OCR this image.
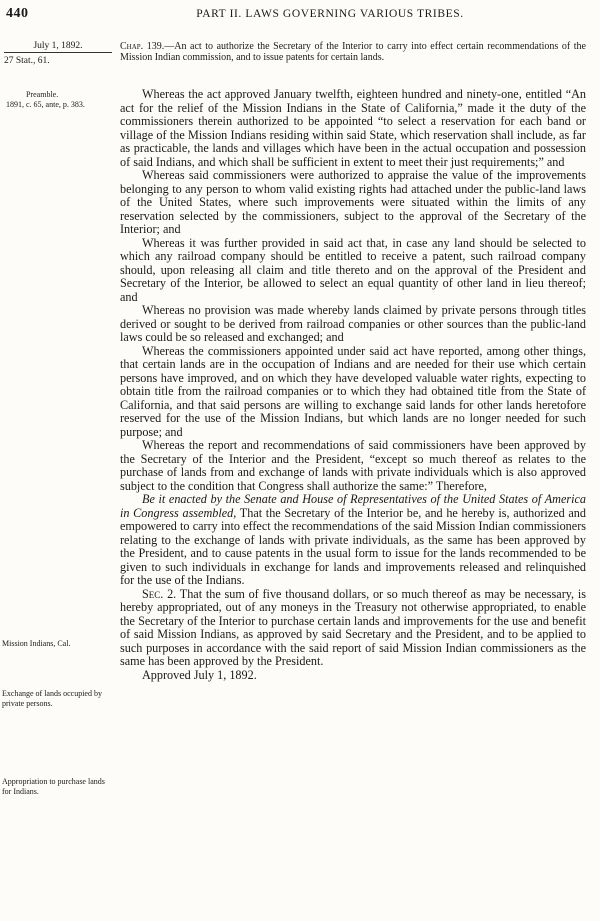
440	PART II. LAWS GOVERNING VARIOUS TRIBES.
July 1, 1892.
27 Stat., 61.
Preamble.
1891, c. 65, ante, p. 383.
Mission Indians, Cal.
Exchange of lands occupied by private persons.
Appropriation to purchase lands for Indians.
Chap. 139.—An act to authorize the Secretary of the Interior to carry into effect certain recommendations of the Mission Indian commission, and to issue patents for certain lands.

Whereas the act approved January twelfth, eighteen hundred and ninety-one, entitled “An act for the relief of the Mission Indians in the State of California,” made it the duty of the commissioners therein authorized to be appointed “to select a reservation for each band or village of the Mission Indians residing within said State, which reservation shall include, as far as practicable, the lands and villages which have been in the actual occupation and possession of said Indians, and which shall be sufficient in extent to meet their just requirements;” and

Whereas said commissioners were authorized to appraise the value of the improvements belonging to any person to whom valid existing rights had attached under the public-land laws of the United States, where such improvements were situated within the limits of any reservation selected by the commissioners, subject to the approval of the Secretary of the Interior; and

Whereas it was further provided in said act that, in case any land should be selected to which any railroad company should be entitled to receive a patent, such railroad company should, upon releasing all claim and title thereto and on the approval of the President and Secretary of the Interior, be allowed to select an equal quantity of other land in lieu thereof; and

Whereas no provision was made whereby lands claimed by private persons through titles derived or sought to be derived from railroad companies or other sources than the public-land laws could be so released and exchanged; and

Whereas the commissioners appointed under said act have reported, among other things, that certain lands are in the occupation of Indians and are needed for their use which certain persons have improved, and on which they have developed valuable water rights, expecting to obtain title from the railroad companies or to which they had obtained title from the State of California, and that said persons are willing to exchange said lands for other lands heretofore reserved for the use of the Mission Indians, but which lands are no longer needed for such purpose; and

Whereas the report and recommendations of said commissioners have been approved by the Secretary of the Interior and the President, “except so much thereof as relates to the purchase of lands from and exchange of lands with private individuals which is also approved subject to the condition that Congress shall authorize the same:” Therefore,

Be it enacted by the Senate and House of Representatives of the United States of America in Congress assembled, That the Secretary of the Interior be, and he hereby is, authorized and empowered to carry into effect the recommendations of the said Mission Indian commissioners relating to the exchange of lands with private individuals, as the same has been approved by the President, and to cause patents in the usual form to issue for the lands recommended to be given to such individuals in exchange for lands and improvements released and relinquished for the use of the Indians.

Sec. 2. That the sum of five thousand dollars, or so much thereof as may be necessary, is hereby appropriated, out of any moneys in the Treasury not otherwise appropriated, to enable the Secretary of the Interior to purchase certain lands and improvements for the use and benefit of said Mission Indians, as approved by said Secretary and the President, and to be applied to such purposes in accordance with the said report of said Mission Indian commissioners as the same has been approved by the President.

Approved July 1, 1892.
